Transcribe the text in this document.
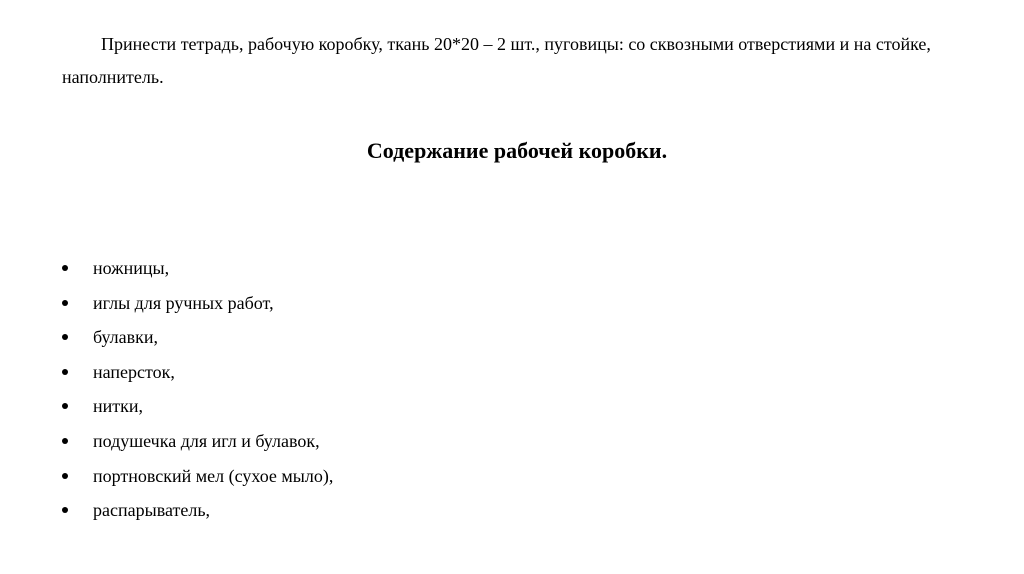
Принести тетрадь, рабочую коробку, ткань 20*20 – 2 шт., пуговицы: со сквозными отверстиями и на стойке, наполнитель.

Содержание рабочей коробки.
ножницы,
иглы для ручных работ,
булавки,
наперсток,
нитки,
подушечка для игл и булавок,
портновский мел (сухое мыло),
распарыватель,
